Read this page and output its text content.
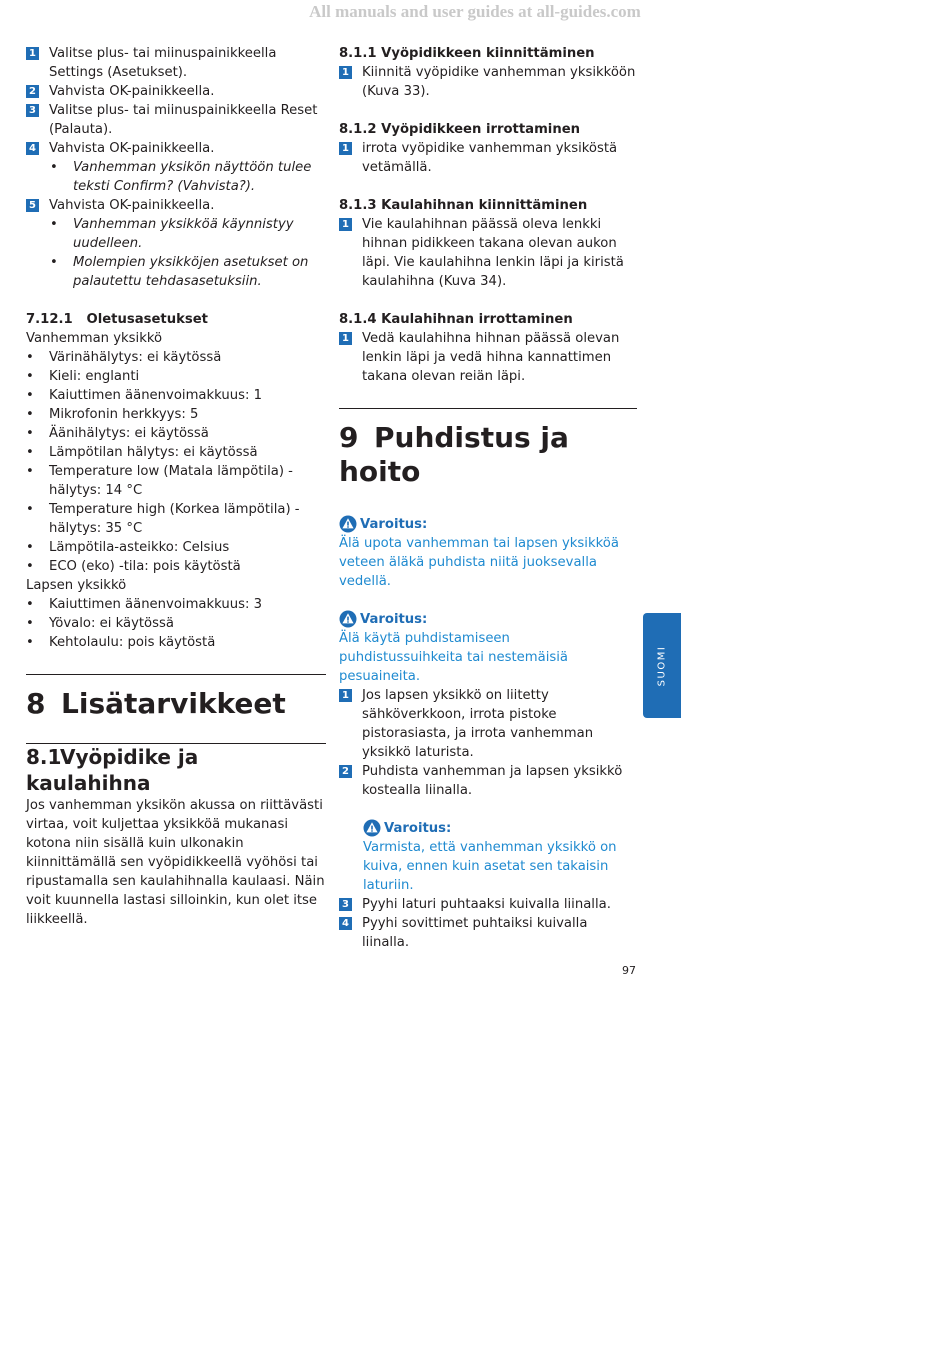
All manuals and user guides at all-guides.com
1 Valitse plus- tai miinuspainikkeella Settings (Asetukset).
2 Vahvista OK-painikkeella.
3 Valitse plus- tai miinuspainikkeella Reset (Palauta).
4 Vahvista OK-painikkeella.
• Vanhemman yksikön näyttöön tulee teksti Confirm? (Vahvista?).
5 Vahvista OK-painikkeella.
• Vanhemman yksikköä käynnistyy uudelleen.
• Molempien yksikköjen asetukset on palautettu tehdasasetuksiin.
7.12.1   Oletusasetukset
Vanhemman yksikkö
• Värinähälytys: ei käytössä
• Kieli: englanti
• Kaiuttimen äänenvoimakkuus: 1
• Mikrofonin herkkyys: 5
• Äänihälytys: ei käytössä
• Lämpötilan hälytys: ei käytössä
• Temperature low (Matala lämpötila) -hälytys: 14 °C
• Temperature high (Korkea lämpötila) -hälytys: 35 °C
• Lämpötila-asteikko: Celsius
• ECO (eko) -tila: pois käytöstä
Lapsen yksikkö
• Kaiuttimen äänenvoimakkuus: 3
• Yövalo: ei käytössä
• Kehtolaulu: pois käytöstä
8 Lisätarvikkeet
8.1Vyöpidike ja kaulahihna
Jos vanhemman yksikön akussa on riittävästi virtaa, voit kuljettaa yksikköä mukanasi kotona niin sisällä kuin ulkonakin kiinnittämällä sen vyöpidikkeellä vyöhösi tai ripustamalla sen kaulahihnalla kaulaasi. Näin voit kuunnella lastasi silloinkin, kun olet itse liikkeellä.
8.1.1 Vyöpidikkeen kiinnittäminen
1 Kiinnitä vyöpidike vanhemman yksikköön (Kuva 33).
8.1.2 Vyöpidikkeen irrottaminen
1 irrota vyöpidike vanhemman yksiköstä vetämällä.
8.1.3 Kaulahihnan kiinnittäminen
1 Vie kaulahihnan päässä oleva lenkki hihnan pidikkeen takana olevan aukon läpi. Vie kaulahihna lenkin läpi ja kiristä kaulahihna (Kuva 34).
8.1.4 Kaulahihnan irrottaminen
1 Vedä kaulahihna hihnan päässä olevan lenkin läpi ja vedä hihna kannattimen takana olevan reiän läpi.
9 Puhdistus ja hoito
Varoitus:
Älä upota vanhemman tai lapsen yksikköä veteen äläkä puhdista niitä juoksevalla vedellä.
Varoitus:
Älä käytä puhdistamiseen puhdistussuihkeita tai nestemäisiä pesuaineita.
1 Jos lapsen yksikkö on liitetty sähköverkkoon, irrota pistoke pistorasiasta, ja irrota vanhemman yksikkö laturista.
2 Puhdista vanhemman ja lapsen yksikkö kostealla liinalla.
Varoitus:
Varmista, että vanhemman yksikkö on kuiva, ennen kuin asetat sen takaisin laturiin.
3 Pyyhi laturi puhtaaksi kuivalla liinalla.
4 Pyyhi sovittimet puhtaiksi kuivalla liinalla.
SUOMI
97
